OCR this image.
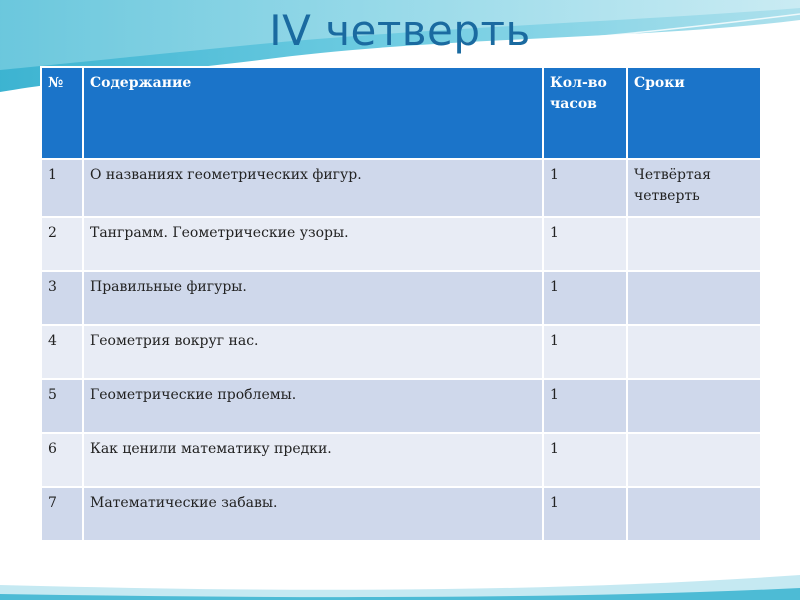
IV четверть
№	Содержание	Кол-во часов	Сроки
1	О названиях геометрических фигур.	1	Четвёртая четверть
2	Танграмм. Геометрические узоры.	1	
3	Правильные фигуры.	1	
4	Геометрия вокруг нас.	1	
5	Геометрические проблемы.	1	
6	Как ценили математику предки.	1	
7	Математические забавы.	1	
